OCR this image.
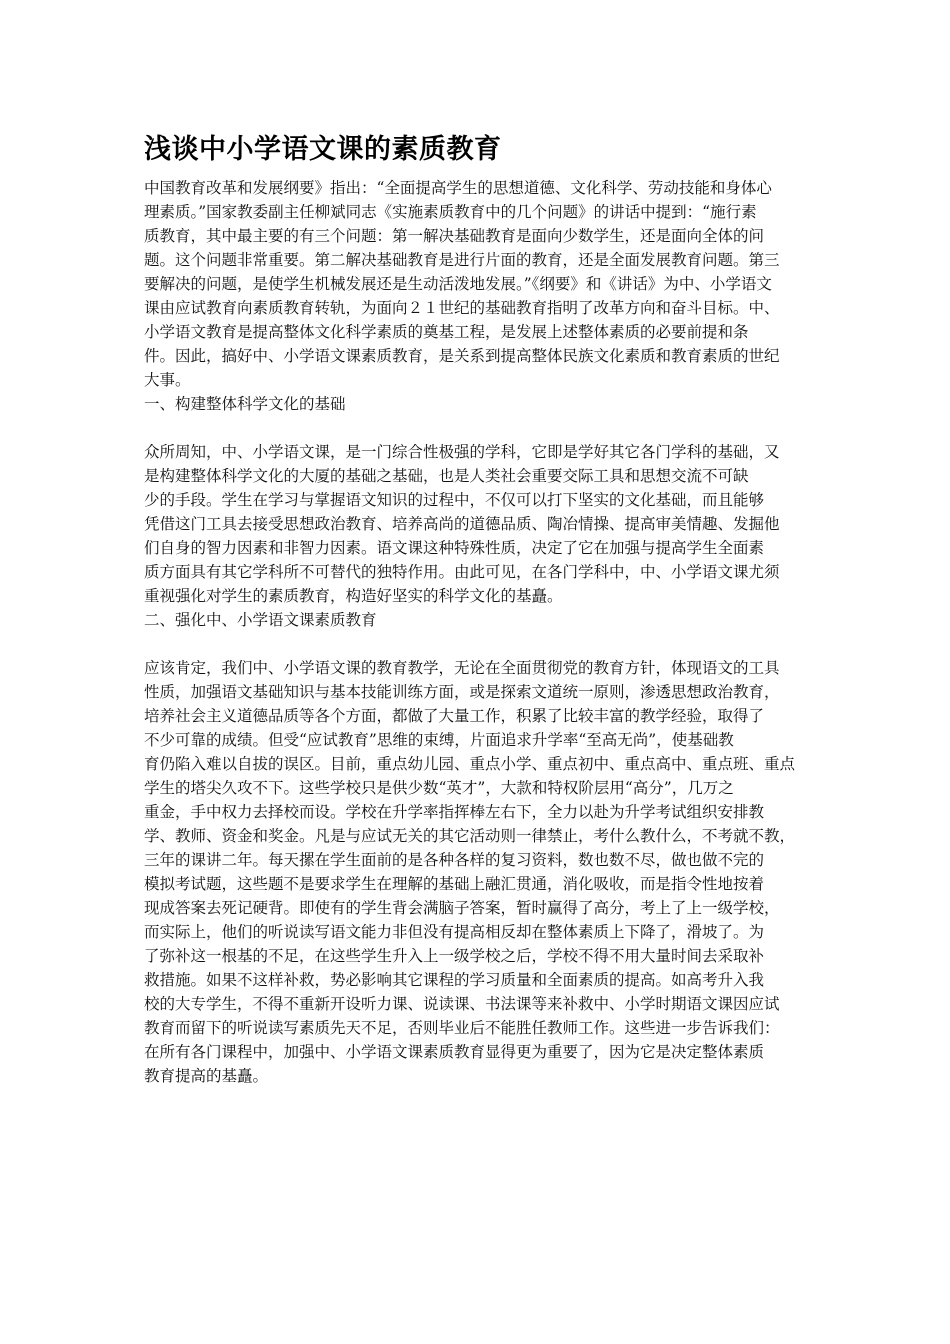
浅谈中小学语文课的素质教育
中国教育改革和发展纲要》指出：“全面提高学生的思想道德、文化科学、劳动技能和身体心
理素质。”国家教委副主任柳斌同志《实施素质教育中的几个问题》的讲话中提到：“施行素
质教育，其中最主要的有三个问题：第一解决基础教育是面向少数学生，还是面向全体的问
题。这个问题非常重要。第二解决基础教育是进行片面的教育，还是全面发展教育问题。第三
要解决的问题，是使学生机械发展还是生动活泼地发展。”《纲要》和《讲话》为中、小学语文
课由应试教育向素质教育转轨，为面向２１世纪的基础教育指明了改革方向和奋斗目标。中、
小学语文教育是提高整体文化科学素质的奠基工程，是发展上述整体素质的必要前提和条
件。因此，搞好中、小学语文课素质教育，是关系到提高整体民族文化素质和教育素质的世纪
大事。
一、构建整体科学文化的基础
众所周知，中、小学语文课，是一门综合性极强的学科，它即是学好其它各门学科的基础，又
是构建整体科学文化的大厦的基础之基础，也是人类社会重要交际工具和思想交流不可缺
少的手段。学生在学习与掌握语文知识的过程中，不仅可以打下坚实的文化基础，而且能够
凭借这门工具去接受思想政治教育、培养高尚的道德品质、陶冶情操、提高审美情趣、发掘他
们自身的智力因素和非智力因素。语文课这种特殊性质，决定了它在加强与提高学生全面素
质方面具有其它学科所不可替代的独特作用。由此可见，在各门学科中，中、小学语文课尤须
重视强化对学生的素质教育，构造好坚实的科学文化的基矗。
二、强化中、小学语文课素质教育
应该肯定，我们中、小学语文课的教育教学，无论在全面贯彻党的教育方针，体现语文的工具
性质，加强语文基础知识与基本技能训练方面，或是探索文道统一原则，渗透思想政治教育，
培养社会主义道德品质等各个方面，都做了大量工作，积累了比较丰富的教学经验，取得了
不少可靠的成绩。但受“应试教育”思维的束缚，片面追求升学率“至高无尚”，使基础教
育仍陷入难以自拔的误区。目前，重点幼儿园、重点小学、重点初中、重点高中、重点班、重点
学生的塔尖久攻不下。这些学校只是供少数“英才”，大款和特权阶层用“高分”，几万之
重金，手中权力去择校而设。学校在升学率指挥棒左右下，全力以赴为升学考试组织安排教
学、教师、资金和奖金。凡是与应试无关的其它活动则一律禁止，考什么教什么，不考就不教，
三年的课讲二年。每天摞在学生面前的是各种各样的复习资料，数也数不尽，做也做不完的
模拟考试题，这些题不是要求学生在理解的基础上融汇贯通，消化吸收，而是指令性地按着
现成答案去死记硬背。即使有的学生背会满脑子答案，暂时赢得了高分，考上了上一级学校，
而实际上，他们的听说读写语文能力非但没有提高相反却在整体素质上下降了，滑坡了。为
了弥补这一根基的不足，在这些学生升入上一级学校之后，学校不得不用大量时间去采取补
救措施。如果不这样补救，势必影响其它课程的学习质量和全面素质的提高。如高考升入我
校的大专学生，不得不重新开设听力课、说读课、书法课等来补救中、小学时期语文课因应试
教育而留下的听说读写素质先天不足，否则毕业后不能胜任教师工作。这些进一步告诉我们：
在所有各门课程中，加强中、小学语文课素质教育显得更为重要了，因为它是决定整体素质
教育提高的基矗。
